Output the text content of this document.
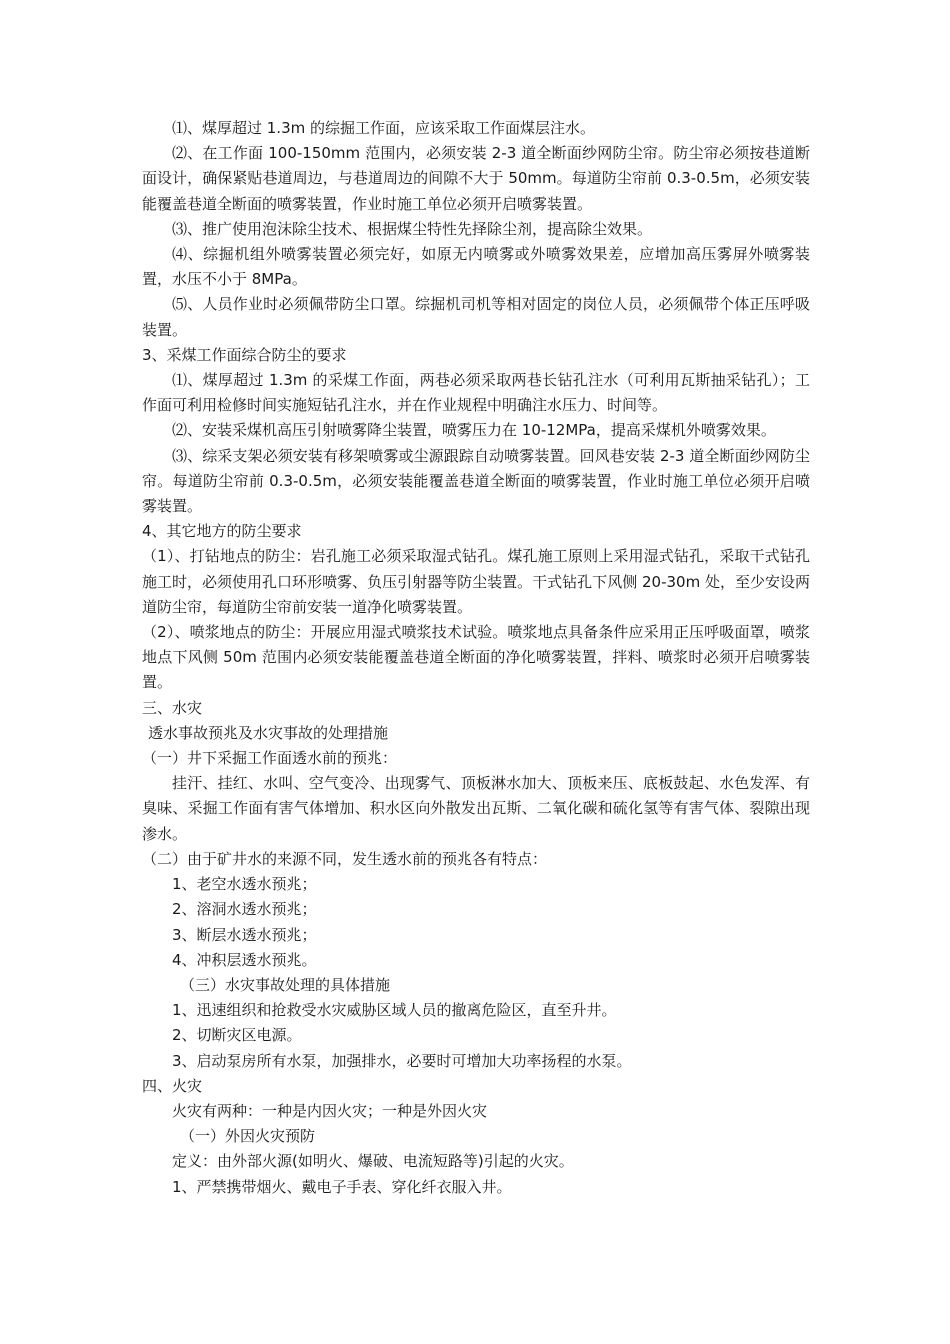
⑴、煤厚超过 1.3m 的综掘工作面，应该采取工作面煤层注水。

⑵、在工作面 100-150mm 范围内，必须安装 2-3 道全断面纱网防尘帘。防尘帘必须按巷道断面设计，确保紧贴巷道周边，与巷道周边的间隙不大于 50mm。每道防尘帘前 0.3-0.5m，必须安装能覆盖巷道全断面的喷雾装置，作业时施工单位必须开启喷雾装置。

⑶、推广使用泡沫除尘技术、根据煤尘特性先择除尘剂，提高除尘效果。

⑷、综掘机组外喷雾装置必须完好，如原无内喷雾或外喷雾效果差，应增加高压雾屏外喷雾装置，水压不小于 8MPa。

⑸、人员作业时必须佩带防尘口罩。综掘机司机等相对固定的岗位人员，必须佩带个体正压呼吸装置。

3、采煤工作面综合防尘的要求

⑴、煤厚超过 1.3m 的采煤工作面，两巷必须采取两巷长钻孔注水（可利用瓦斯抽采钻孔）；工作面可利用检修时间实施短钻孔注水，并在作业规程中明确注水压力、时间等。

⑵、安装采煤机高压引射喷雾降尘装置，喷雾压力在 10-12MPa，提高采煤机外喷雾效果。

⑶、综采支架必须安装有移架喷雾或尘源跟踪自动喷雾装置。回风巷安装 2-3 道全断面纱网防尘帘。每道防尘帘前 0.3-0.5m，必须安装能覆盖巷道全断面的喷雾装置，作业时施工单位必须开启喷雾装置。

4、其它地方的防尘要求

（1）、打钻地点的防尘：岩孔施工必须采取湿式钻孔。煤孔施工原则上采用湿式钻孔，采取干式钻孔施工时，必须使用孔口环形喷雾、负压引射器等防尘装置。干式钻孔下风侧 20-30m 处，至少安设两道防尘帘，每道防尘帘前安装一道净化喷雾装置。

（2）、喷浆地点的防尘：开展应用湿式喷浆技术试验。喷浆地点具备条件应采用正压呼吸面罩，喷浆地点下风侧 50m 范围内必须安装能覆盖巷道全断面的净化喷雾装置，拌料、喷浆时必须开启喷雾装置。

三、水灾

透水事故预兆及水灾事故的处理措施

（一）井下采掘工作面透水前的预兆：

挂汗、挂红、水叫、空气变冷、出现雾气、顶板淋水加大、顶板来压、底板鼓起、水色发浑、有臭味、采掘工作面有害气体增加、积水区向外散发出瓦斯、二氧化碳和硫化氢等有害气体、裂隙出现渗水。

（二）由于矿井水的来源不同，发生透水前的预兆各有特点：

1、老空水透水预兆；

2、溶洞水透水预兆；

3、断层水透水预兆；

4、冲积层透水预兆。

（三）水灾事故处理的具体措施

1、迅速组织和抢救受水灾威胁区域人员的撤离危险区，直至升井。

2、切断灾区电源。

3、启动泵房所有水泵，加强排水，必要时可增加大功率扬程的水泵。

四、火灾

火灾有两种：一种是内因火灾；一种是外因火灾

（一）外因火灾预防

定义：由外部火源(如明火、爆破、电流短路等)引起的火灾。

1、严禁携带烟火、戴电子手表、穿化纤衣服入井。
